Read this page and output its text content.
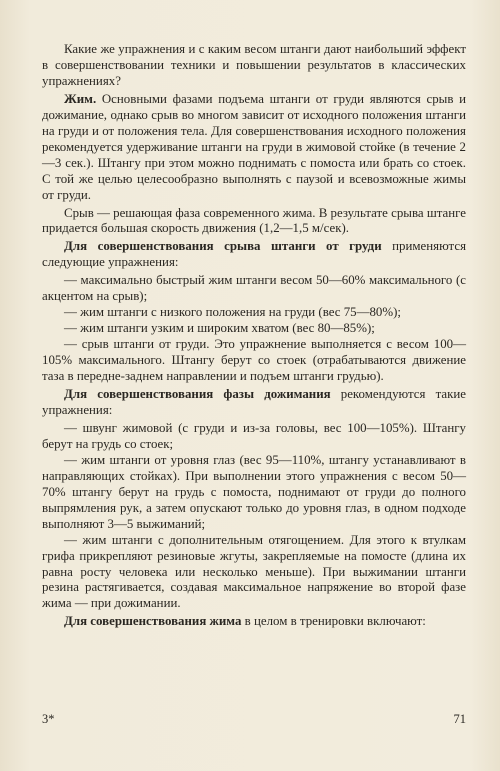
Какие же упражнения и с каким весом штанги дают наибольший эффект в совершенствовании техники и повышении результатов в классических упражнениях?

Жим. Основными фазами подъема штанги от груди являются срыв и дожимание, однако срыв во многом зависит от исходного положения штанги на груди и от положения тела. Для совершенствования исходного положения рекомендуется удерживание штанги на груди в жимовой стойке (в течение 2—3 сек.). Штангу при этом можно поднимать с помоста или брать со стоек. С той же целью целесообразно выполнять с паузой и всевозможные жимы от груди.

Срыв — решающая фаза современного жима. В результате срыва штанге придается большая скорость движения (1,2—1,5 м/сек).

Для совершенствования срыва штанги от груди применяются следующие упражнения:

— максимально быстрый жим штанги весом 50—60% максимального (с акцентом на срыв);

— жим штанги с низкого положения на груди (вес 75—80%);

— жим штанги узким и широким хватом (вес 80—85%);

— срыв штанги от груди. Это упражнение выполняется с весом 100—105% максимального. Штангу берут со стоек (отрабатываются движение таза в передне-заднем направлении и подъем штанги грудью).

Для совершенствования фазы дожимания рекомендуются такие упражнения:

— швунг жимовой (с груди и из-за головы, вес 100—105%). Штангу берут на грудь со стоек;

— жим штанги от уровня глаз (вес 95—110%, штангу устанавливают в направляющих стойках). При выполнении этого упражнения с весом 50—70% штангу берут на грудь с помоста, поднимают от груди до полного выпрямления рук, а затем опускают только до уровня глаз, в одном подходе выполняют 3—5 выжиманий;

— жим штанги с дополнительным отягощением. Для этого к втулкам грифа прикрепляют резиновые жгуты, закрепляемые на помосте (длина их равна росту человека или несколько меньше). При выжимании штанги резина растягивается, создавая максимальное напряжение во второй фазе жима — при дожимании.

Для совершенствования жима в целом в тренировки включают:

3*	71
